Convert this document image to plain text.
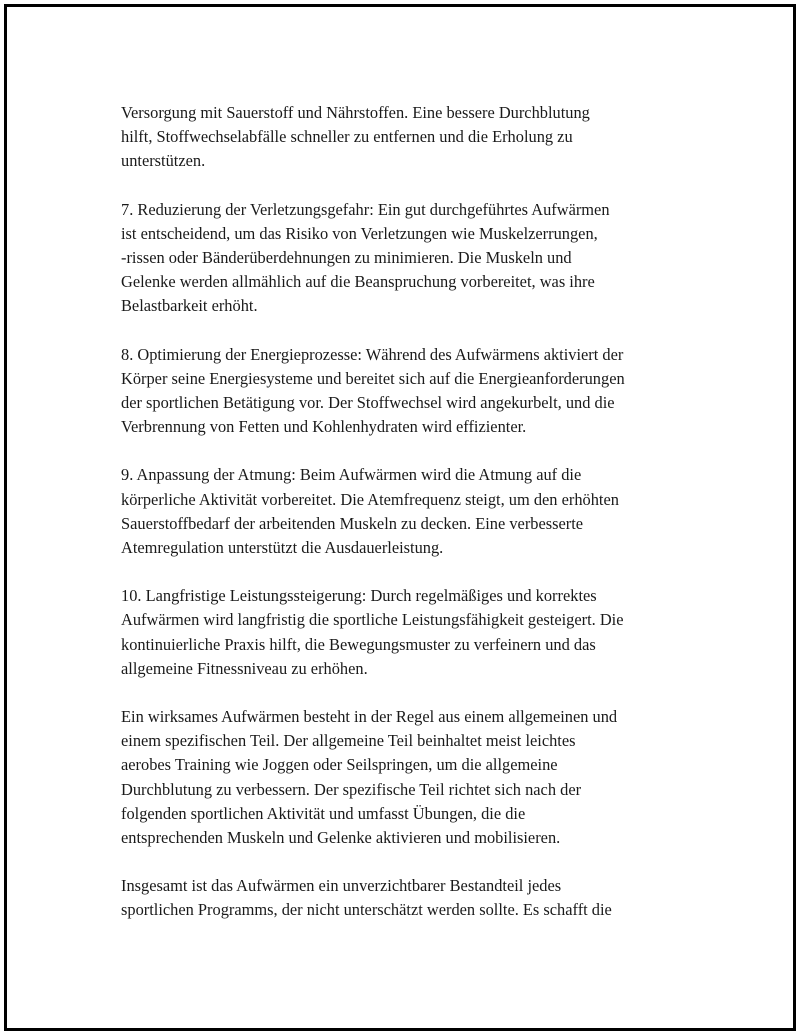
Versorgung mit Sauerstoff und Nährstoffen. Eine bessere Durchblutung
hilft, Stoffwechselabfälle schneller zu entfernen und die Erholung zu
unterstützen.

7. Reduzierung der Verletzungsgefahr: Ein gut durchgeführtes Aufwärmen
ist entscheidend, um das Risiko von Verletzungen wie Muskelzerrungen,
-rissen oder Bänderüberdehnungen zu minimieren. Die Muskeln und
Gelenke werden allmählich auf die Beanspruchung vorbereitet, was ihre
Belastbarkeit erhöht.

8. Optimierung der Energieprozesse: Während des Aufwärmens aktiviert der
Körper seine Energiesysteme und bereitet sich auf die Energieanforderungen
der sportlichen Betätigung vor. Der Stoffwechsel wird angekurbelt, und die
Verbrennung von Fetten und Kohlenhydraten wird effizienter.

9. Anpassung der Atmung: Beim Aufwärmen wird die Atmung auf die
körperliche Aktivität vorbereitet. Die Atemfrequenz steigt, um den erhöhten
Sauerstoffbedarf der arbeitenden Muskeln zu decken. Eine verbesserte
Atemregulation unterstützt die Ausdauerleistung.

10. Langfristige Leistungssteigerung: Durch regelmäßiges und korrektes
Aufwärmen wird langfristig die sportliche Leistungsfähigkeit gesteigert. Die
kontinuierliche Praxis hilft, die Bewegungsmuster zu verfeinern und das
allgemeine Fitnessniveau zu erhöhen.

Ein wirksames Aufwärmen besteht in der Regel aus einem allgemeinen und
einem spezifischen Teil. Der allgemeine Teil beinhaltet meist leichtes
aerobes Training wie Joggen oder Seilspringen, um die allgemeine
Durchblutung zu verbessern. Der spezifische Teil richtet sich nach der
folgenden sportlichen Aktivität und umfasst Übungen, die die
entsprechenden Muskeln und Gelenke aktivieren und mobilisieren.

Insgesamt ist das Aufwärmen ein unverzichtbarer Bestandteil jedes
sportlichen Programms, der nicht unterschätzt werden sollte. Es schafft die
